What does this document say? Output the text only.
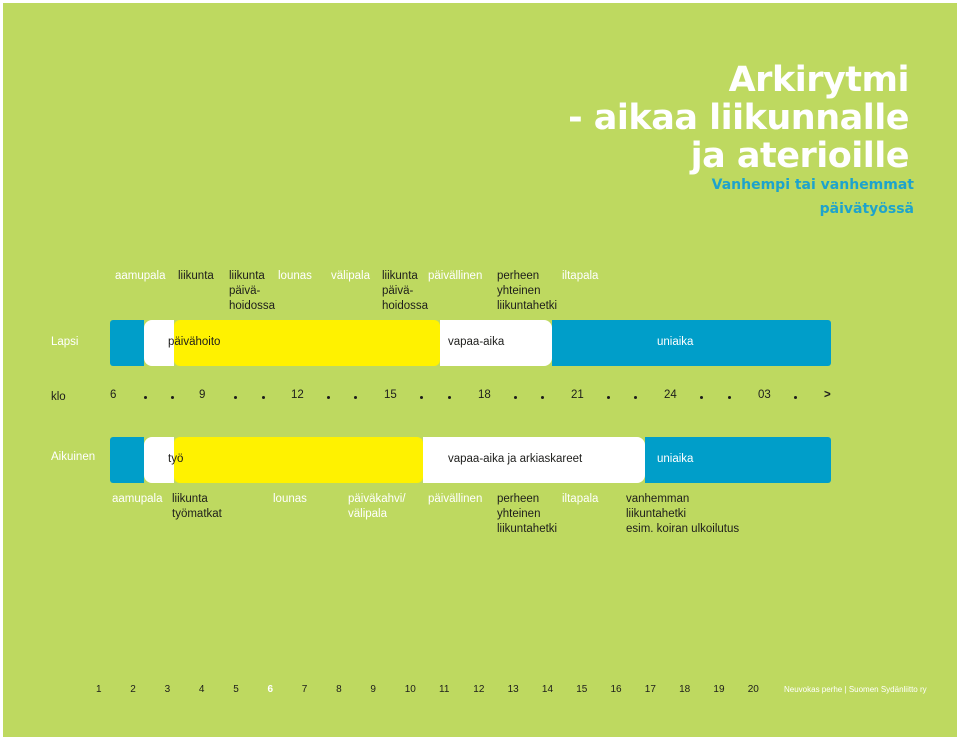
Arkirytmi
- aikaa liikunnalle
ja aterioille
Vanhempi tai vanhemmat
päivätyössä
aamupala liikunta liikunta
päivä-
hoidossa
lounas välipala liikunta
päivä-
hoidossa
päivällinen perheen
yhteinen
liikuntahetki
iltapala
Lapsi	päivähoito	vapaa-aika	uniaika
klo	6	9	12	15	18	21	24	03	>
Aikuinen	työ	vapaa-aika ja arkiaskareet	uniaika
aamupala liikunta
työmatkat
lounas	päiväkahvi/
välipala
päivällinen perheen
yhteinen
liikuntahetki
iltapala vanhemman
liikuntahetki
esim. koiran ulkoilutus
1	2	3	4	5	6	7	8	9	10 11 12 13 14 15 16 17 18 19 20	Neuvokas perhe | Suomen Sydänliitto ry
